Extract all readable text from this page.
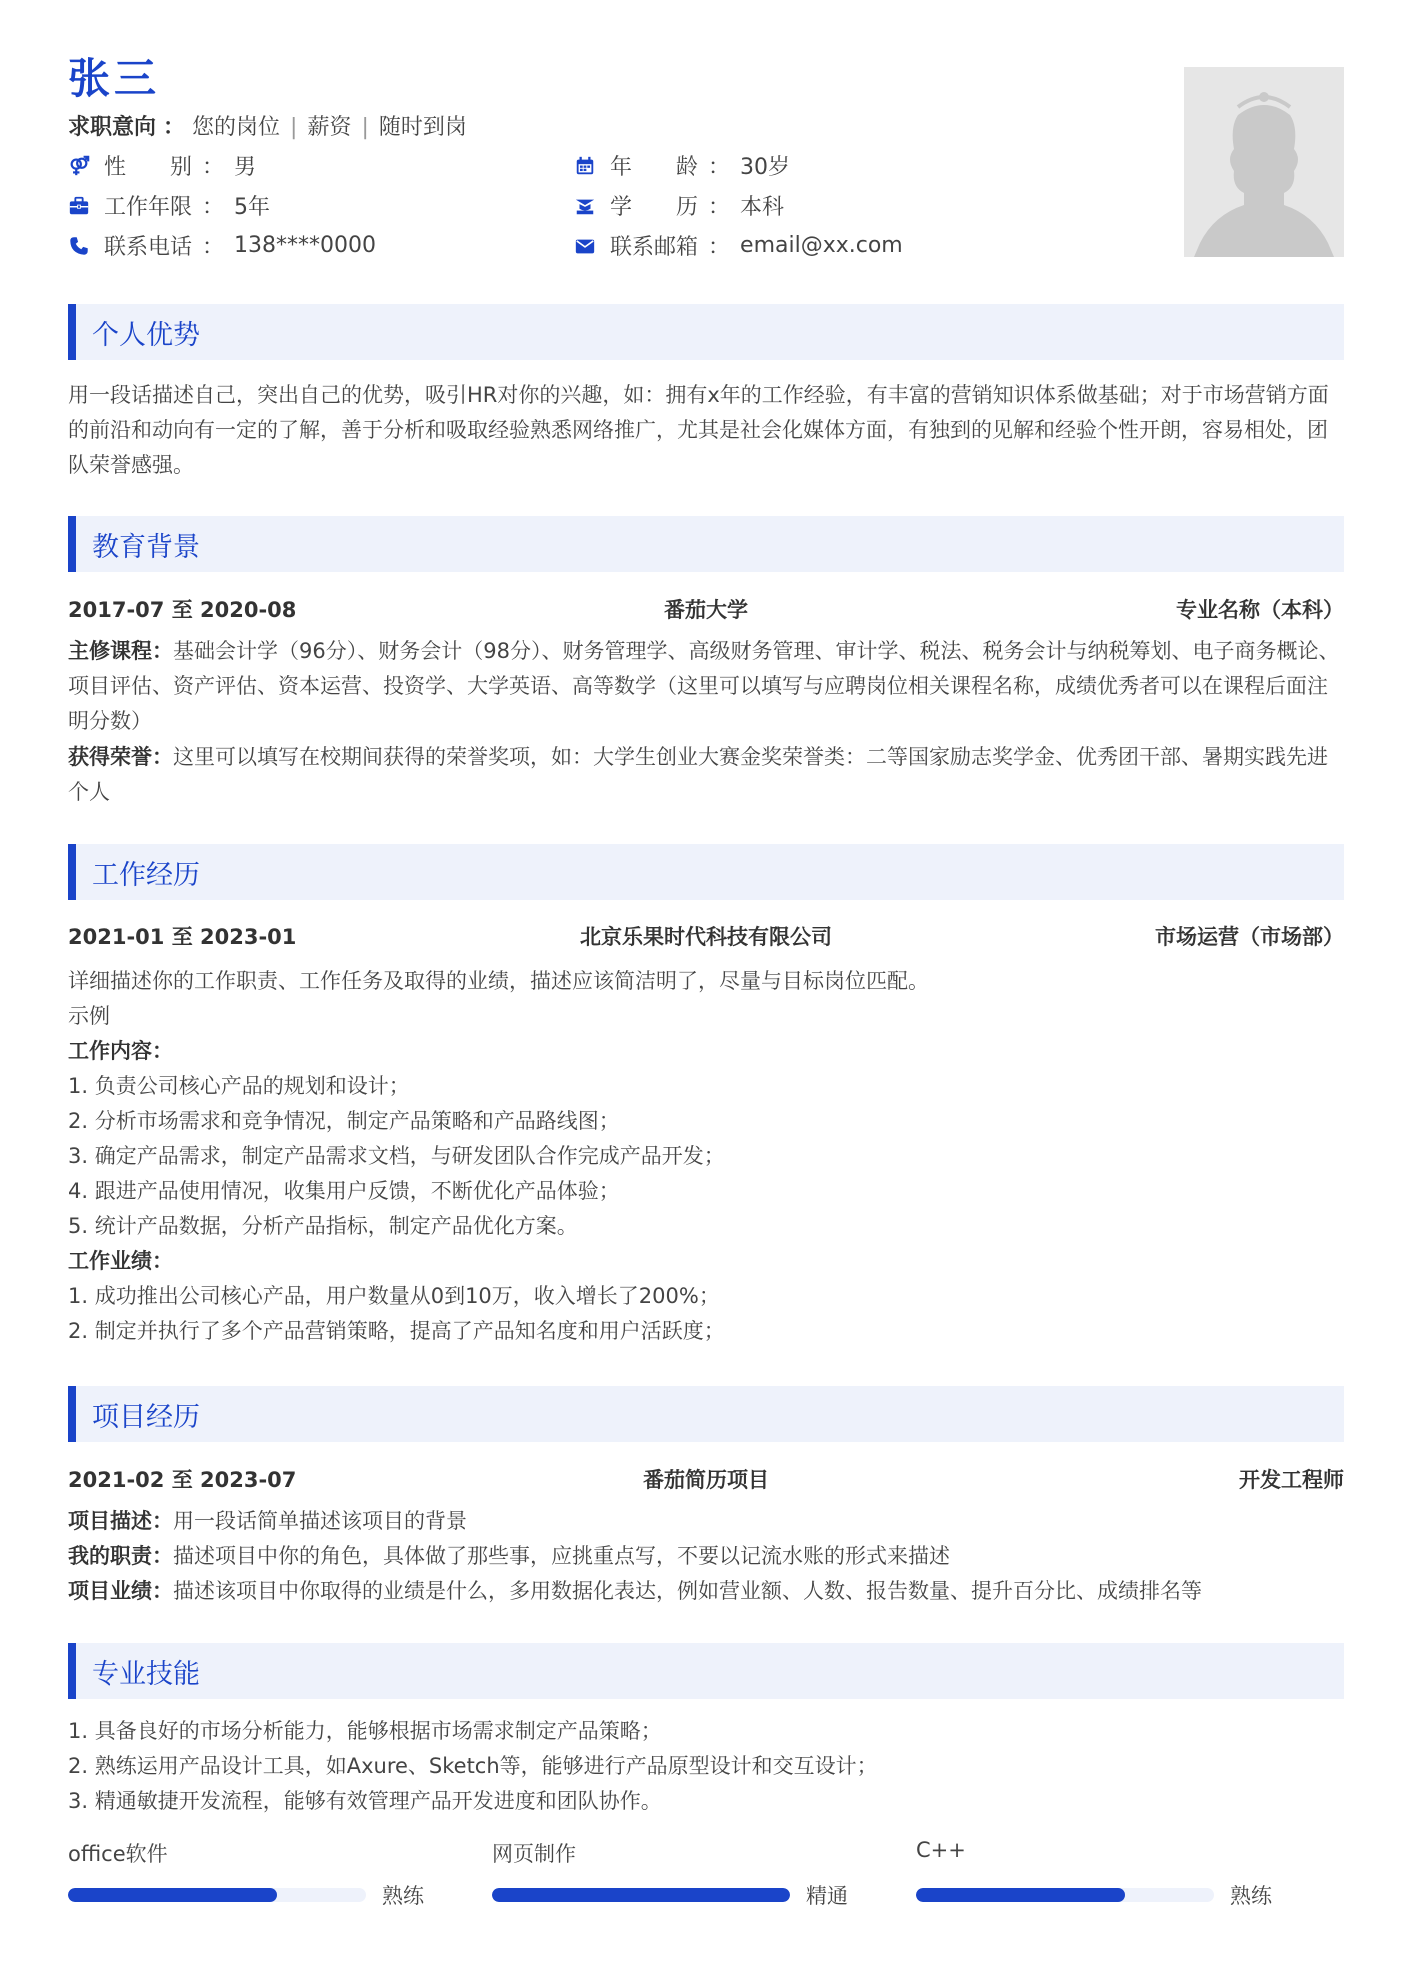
张三
求职意向 ： 您的岗位 | 薪资 | 随时到岗
性　　别 ： 男	年　　龄 ： 30岁
工作年限 ： 5年	学　　历 ： 本科
联系电话 ： 138****0000	联系邮箱 ： email@xx.com
个人优势
用一段话描述自己，突出自己的优势，吸引HR对你的兴趣，如：拥有x年的工作经验，有丰富的营销知识体系做基础；对于市场营销方面的前沿和动向有一定的了解，善于分析和吸取经验熟悉网络推广，尤其是社会化媒体方面，有独到的见解和经验个性开朗，容易相处，团队荣誉感强。
教育背景
2017-07 至 2020-08	番茄大学	专业名称（本科）
主修课程：基础会计学（96分）、财务会计（98分）、财务管理学、高级财务管理、审计学、税法、税务会计与纳税筹划、电子商务概论、项目评估、资产评估、资本运营、投资学、大学英语、高等数学（这里可以填写与应聘岗位相关课程名称，成绩优秀者可以在课程后面注明分数）
获得荣誉：这里可以填写在校期间获得的荣誉奖项，如：大学生创业大赛金奖荣誉类：二等国家励志奖学金、优秀团干部、暑期实践先进个人
工作经历
2021-01 至 2023-01	北京乐果时代科技有限公司	市场运营（市场部）
详细描述你的工作职责、工作任务及取得的业绩，描述应该简洁明了，尽量与目标岗位匹配。
示例
工作内容：
1. 负责公司核心产品的规划和设计；
2. 分析市场需求和竞争情况，制定产品策略和产品路线图；
3. 确定产品需求，制定产品需求文档，与研发团队合作完成产品开发；
4. 跟进产品使用情况，收集用户反馈，不断优化产品体验；
5. 统计产品数据，分析产品指标，制定产品优化方案。
工作业绩：
1. 成功推出公司核心产品，用户数量从0到10万，收入增长了200%；
2. 制定并执行了多个产品营销策略，提高了产品知名度和用户活跃度；
项目经历
2021-02 至 2023-07	番茄简历项目	开发工程师
项目描述：用一段话简单描述该项目的背景
我的职责：描述项目中你的角色，具体做了那些事，应挑重点写，不要以记流水账的形式来描述
项目业绩：描述该项目中你取得的业绩是什么，多用数据化表达，例如营业额、人数、报告数量、提升百分比、成绩排名等
专业技能
1. 具备良好的市场分析能力，能够根据市场需求制定产品策略；
2. 熟练运用产品设计工具，如Axure、Sketch等，能够进行产品原型设计和交互设计；
3. 精通敏捷开发流程，能够有效管理产品开发进度和团队协作。
office软件
熟练
网页制作
精通
C++
熟练
